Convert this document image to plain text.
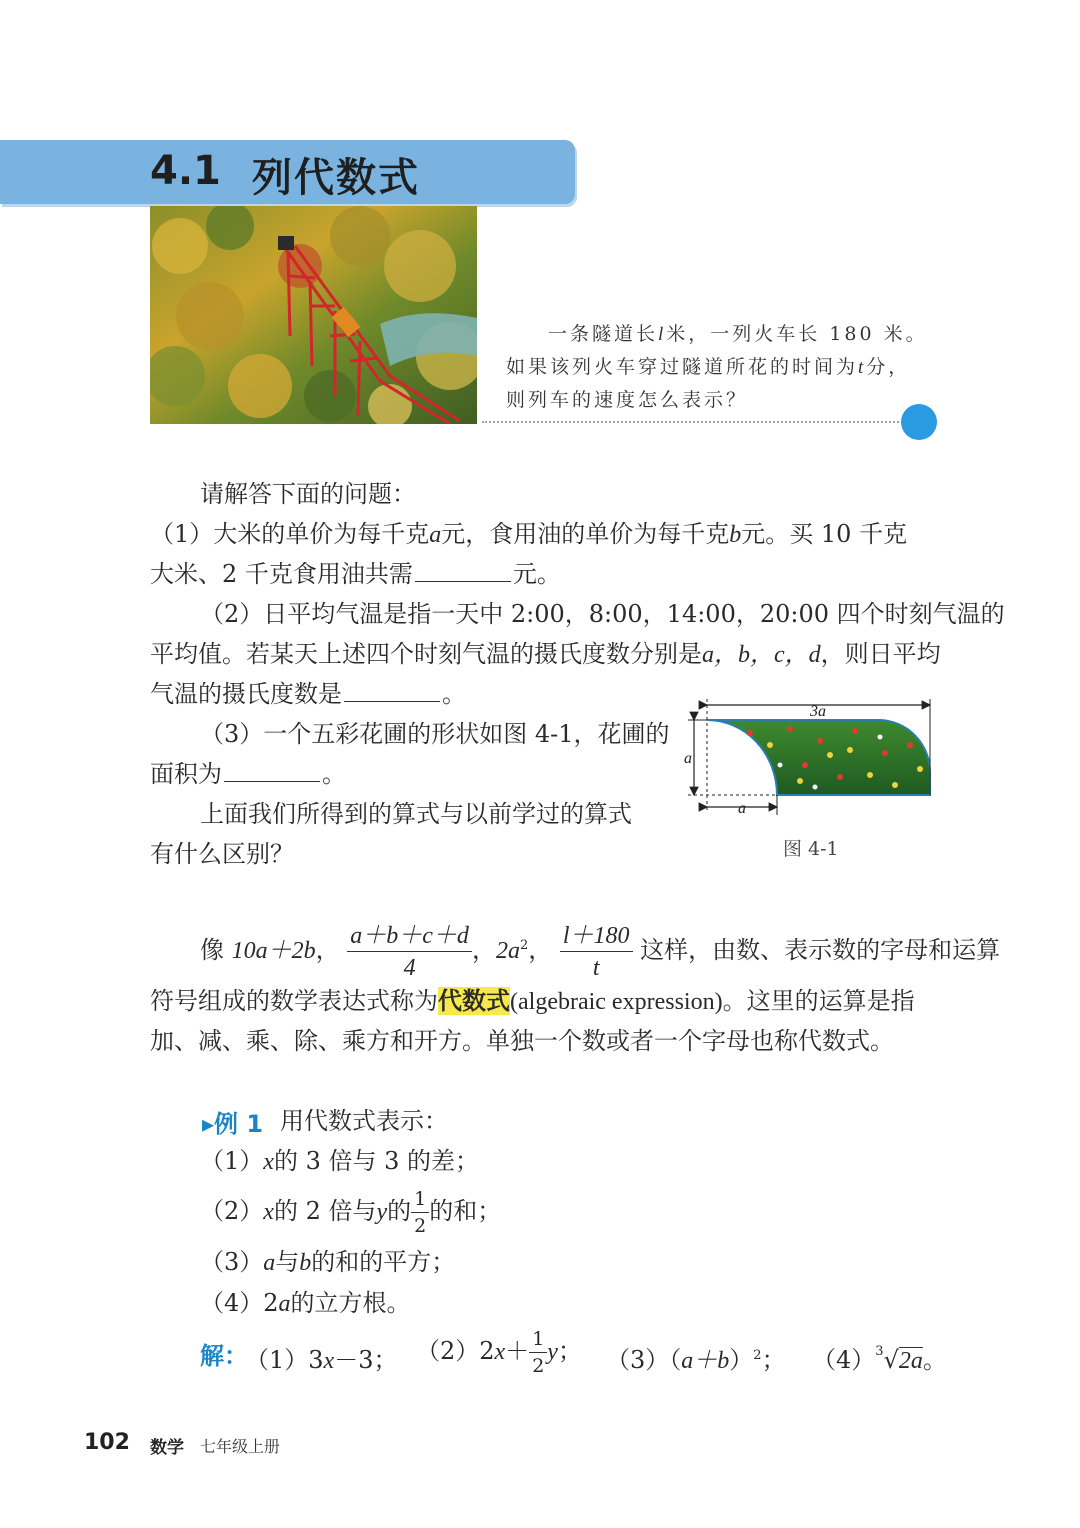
4.1 列代数式
一条隧道长l米，一列火车长 180 米。
如果该列火车穿过隧道所花的时间为t分，
则列车的速度怎么表示？
请解答下面的问题：
（1）大米的单价为每千克a元，食用油的单价为每千克b元。买 10 千克
大米、2 千克食用油共需	元。
（2）日平均气温是指一天中 2:00，8:00，14:00，20:00 四个时刻气温的
平均值。若某天上述四个时刻气温的摄氏度数分别是a，b，c，d，则日平均
气温的摄氏度数是	。
（3）一个五彩花圃的形状如图 4-1，花圃的
面积为	。
上面我们所得到的算式与以前学过的算式
有什么区别？
3a
a
a
图 4-1
像 10a＋2b， $\frac{a+b+c+d}{4}$ ，$2a^2$， $\frac{l+180}{t}$ 这样，由数、表示数的字母和运算
符号组成的数学表达式称为代数式(algebraic expression)。这里的运算是指
加、减、乘、除、乘方和开方。单独一个数或者一个字母也称代数式。
▸例 1 用代数式表示：
（1）x的 3 倍与 3 的差；
（2）x的 2 倍与y的 $\frac{1}{2}$ 的和；
（3）a与b的和的平方；
（4）2a的立方根。
解：
（1）3x－3； $(2)2x+ \frac{1}{2}$ y； $(3)(a+b)^2$； $(4)^3√2a$。
102 数学 七年级上册
